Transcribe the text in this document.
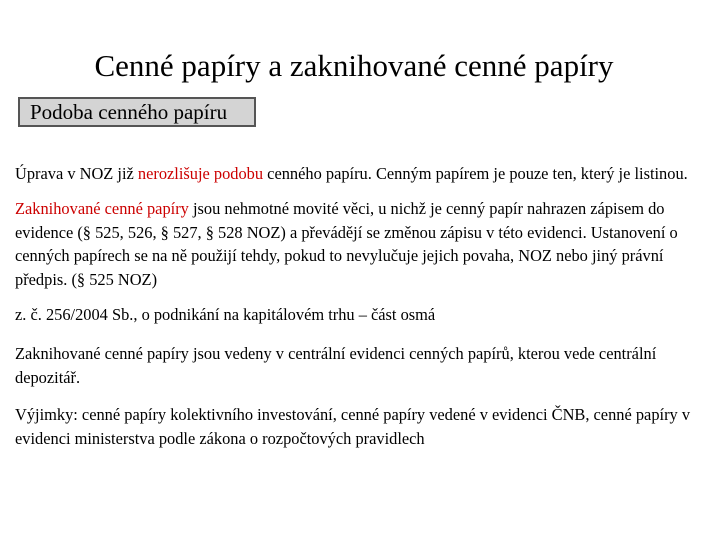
Cenné papíry a zaknihované cenné papíry
Podoba cenného papíru

Úprava v NOZ již nerozlišuje podobu cenného papíru. Cenným papírem je pouze ten, který je listinou.

Zaknihované cenné papíry jsou nehmotné movité věci, u nichž je cenný papír nahrazen zápisem do evidence (§ 525, 526, § 527, § 528 NOZ) a převádějí se změnou zápisu v této evidenci. Ustanovení o cenných papírech se na ně použijí tehdy, pokud to nevylučuje jejich povaha, NOZ nebo jiný právní předpis. (§ 525 NOZ)

z. č. 256/2004 Sb., o podnikání na kapitálovém trhu – část osmá

Zaknihované cenné papíry jsou vedeny v centrální evidenci cenných papírů, kterou vede centrální depozitář.

Výjimky: cenné papíry kolektivního investování, cenné papíry vedené v evidenci ČNB, cenné papíry v evidenci ministerstva podle zákona o rozpočtových pravidlech
